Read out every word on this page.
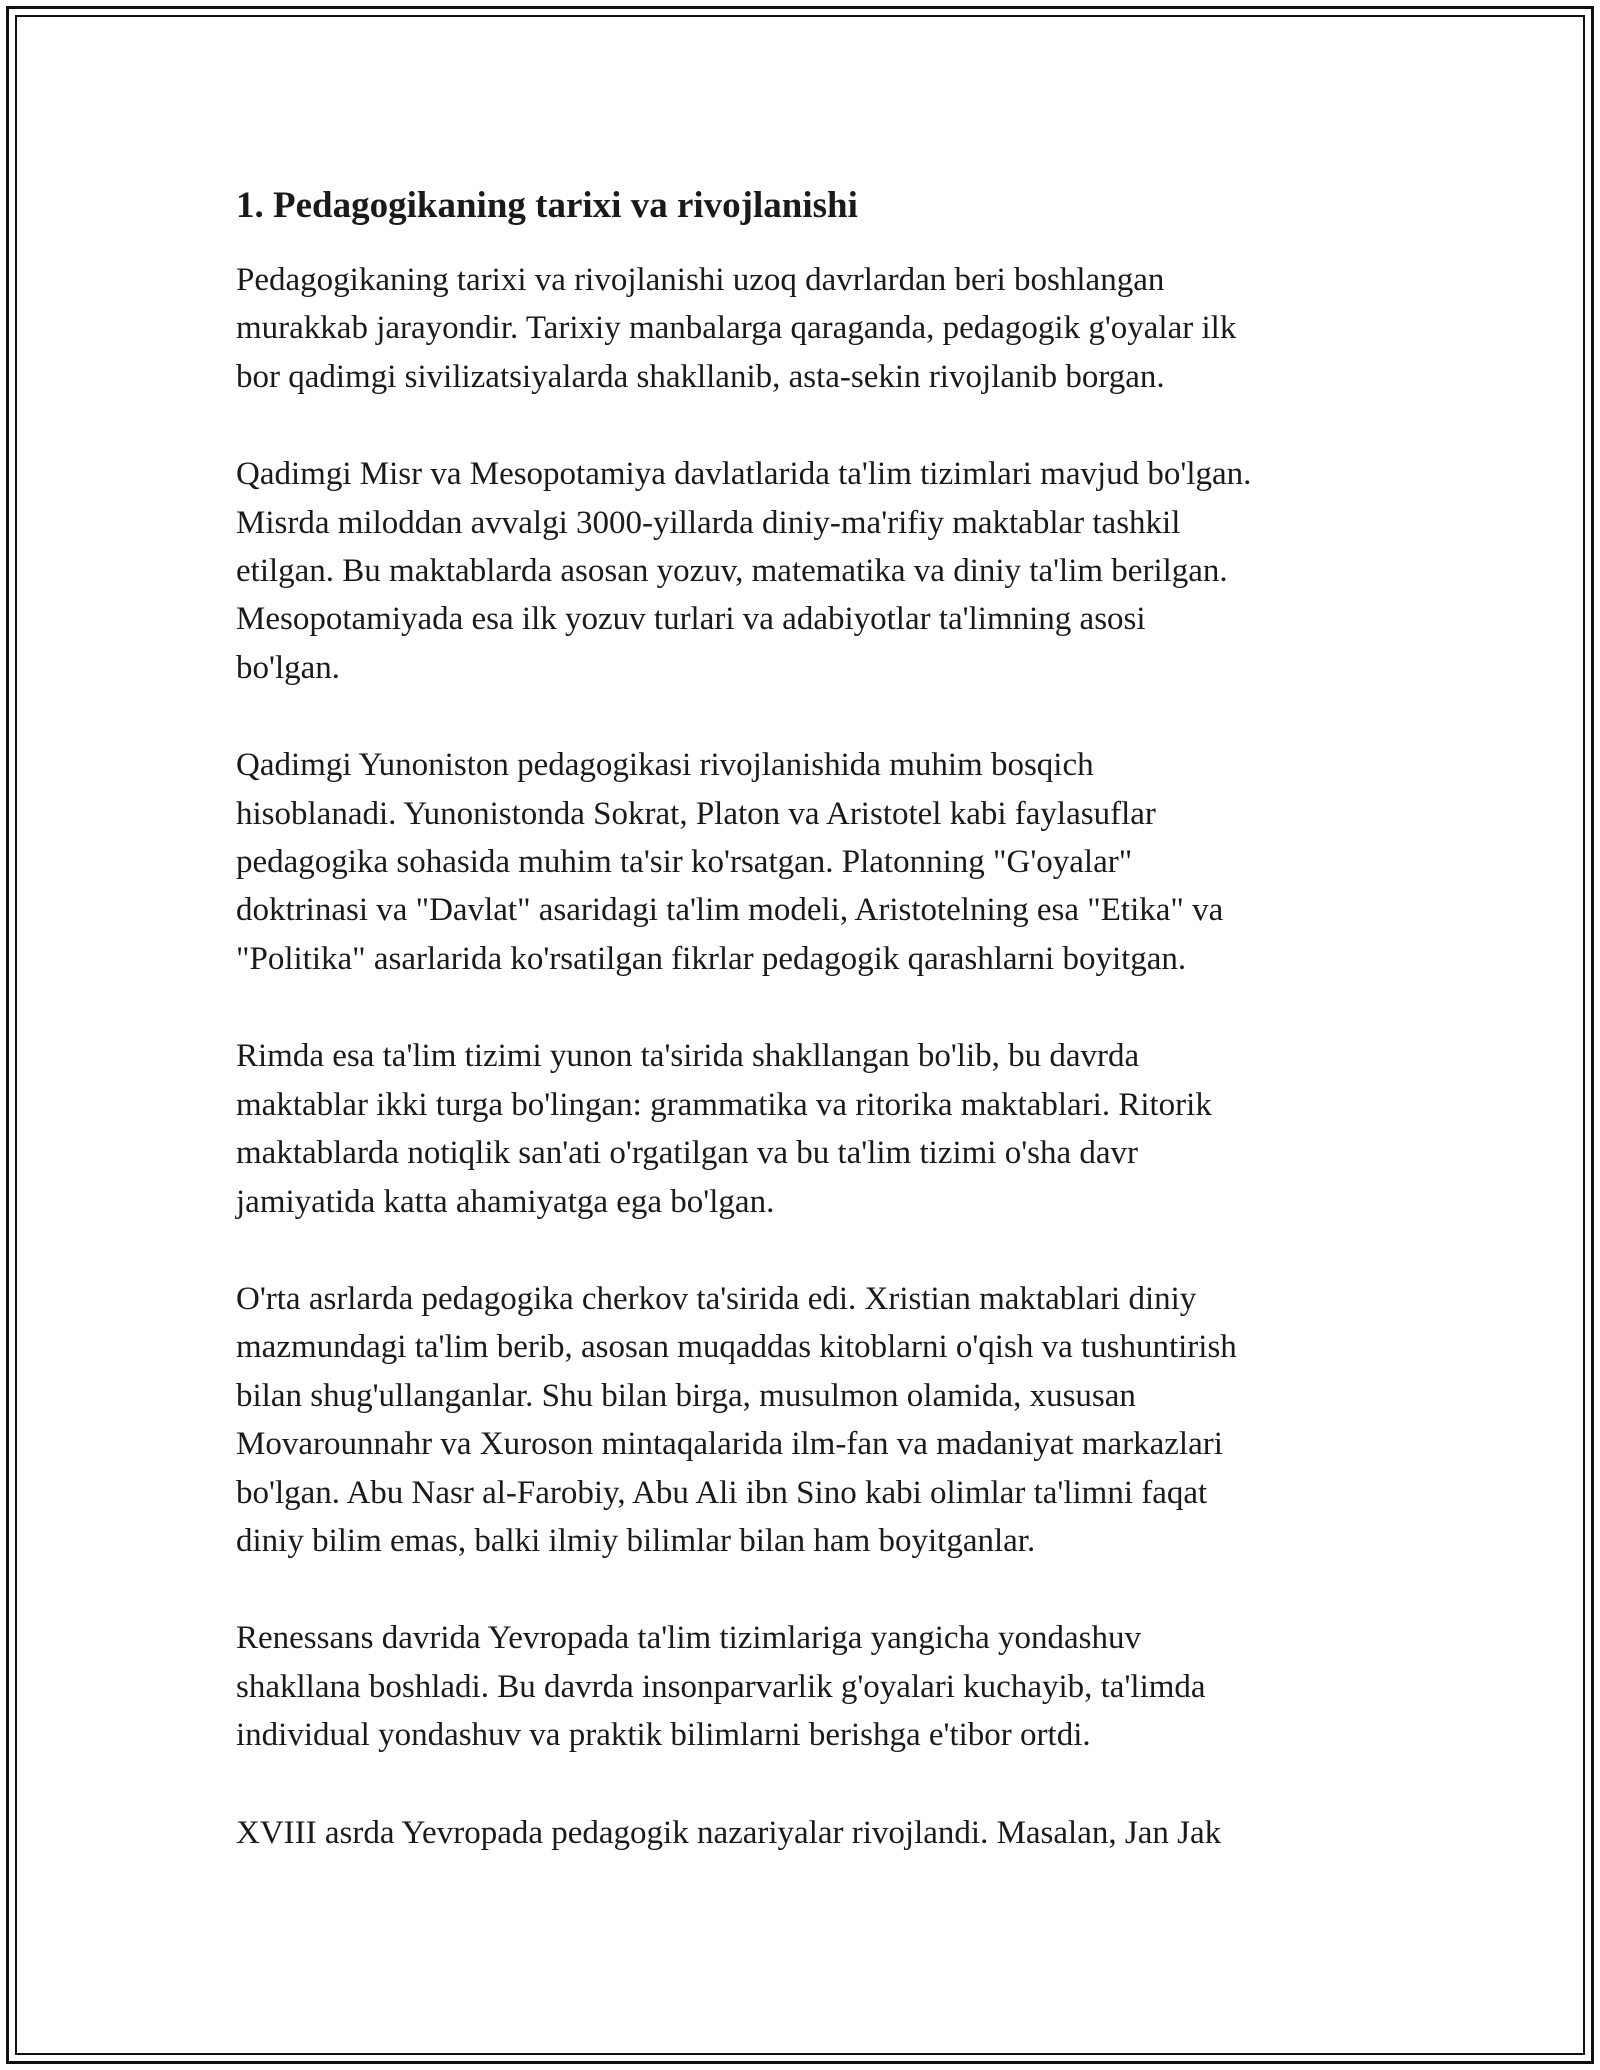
1. Pedagogikaning tarixi va rivojlanishi

Pedagogikaning tarixi va rivojlanishi uzoq davrlardan beri boshlangan
murakkab jarayondir. Tarixiy manbalarga qaraganda, pedagogik g'oyalar ilk
bor qadimgi sivilizatsiyalarda shakllanib, asta-sekin rivojlanib borgan.

Qadimgi Misr va Mesopotamiya davlatlarida ta'lim tizimlari mavjud bo'lgan.
Misrda miloddan avvalgi 3000-yillarda diniy-ma'rifiy maktablar tashkil
etilgan. Bu maktablarda asosan yozuv, matematika va diniy ta'lim berilgan.
Mesopotamiyada esa ilk yozuv turlari va adabiyotlar ta'limning asosi
bo'lgan.

Qadimgi Yunoniston pedagogikasi rivojlanishida muhim bosqich
hisoblanadi. Yunonistonda Sokrat, Platon va Aristotel kabi faylasuflar
pedagogika sohasida muhim ta'sir ko'rsatgan. Platonning "G'oyalar"
doktrinasi va "Davlat" asaridagi ta'lim modeli, Aristotelning esa "Etika" va
"Politika" asarlarida ko'rsatilgan fikrlar pedagogik qarashlarni boyitgan.

Rimda esa ta'lim tizimi yunon ta'sirida shakllangan bo'lib, bu davrda
maktablar ikki turga bo'lingan: grammatika va ritorika maktablari. Ritorik
maktablarda notiqlik san'ati o'rgatilgan va bu ta'lim tizimi o'sha davr
jamiyatida katta ahamiyatga ega bo'lgan.

O'rta asrlarda pedagogika cherkov ta'sirida edi. Xristian maktablari diniy
mazmundagi ta'lim berib, asosan muqaddas kitoblarni o'qish va tushuntirish
bilan shug'ullanganlar. Shu bilan birga, musulmon olamida, xususan
Movarounnahr va Xuroson mintaqalarida ilm-fan va madaniyat markazlari
bo'lgan. Abu Nasr al-Farobiy, Abu Ali ibn Sino kabi olimlar ta'limni faqat
diniy bilim emas, balki ilmiy bilimlar bilan ham boyitganlar.

Renessans davrida Yevropada ta'lim tizimlariga yangicha yondashuv
shakllana boshladi. Bu davrda insonparvarlik g'oyalari kuchayib, ta'limda
individual yondashuv va praktik bilimlarni berishga e'tibor ortdi.

XVIII asrda Yevropada pedagogik nazariyalar rivojlandi. Masalan, Jan Jak
